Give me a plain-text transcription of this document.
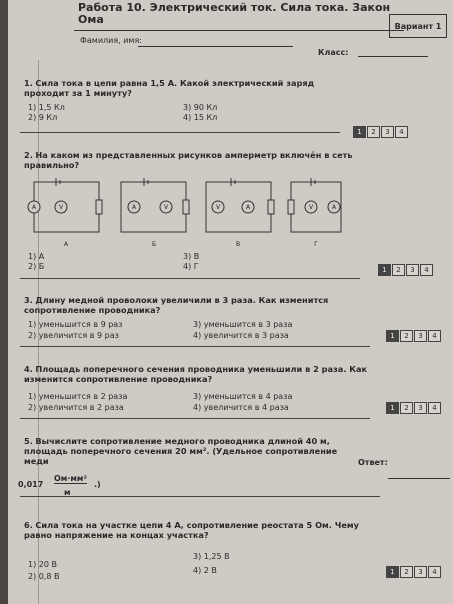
Работа 10. Электрический ток. Сила тока. Закон Ома	Вариант 1
Фамилия, имя:
Класс:
1. Сила тока в цепи равна 1,5 А. Какой электрический заряд проходит за 1 минуту?
1) 1,5 Кл
2) 9 Кл
3) 90 Кл
4) 15 Кл
1	2	3	4
2. На каком из представленных рисунков амперметр включён в сеть правильно?
A	V	A	V	V	A	V	A
А	Б	В	Г
1) А
2) Б
3) В
4) Г	1	2	3	4
3. Длину медной проволоки увеличили в 3 раза. Как изменится сопротивление проводника?
1) уменьшится в 9 раз
2) увеличится в 9 раз
3) уменьшится в 3 раза
4) увеличится в 3 раза	1	2	3	4
4. Площадь поперечного сечения проводника уменьшили в 2 раза. Как изменится сопротивление проводника?
1) уменьшится в 2 раза
2) увеличится в 2 раза
3) уменьшится в 4 раза
4) увеличится в 4 раза	1	2	3	4
5. Вычислите сопротивление медного проводника длиной 40 м, площадь поперечного сечения 20 мм². (Удельное сопротивление меди
0,017
Ом·мм²
м
.)
Ответ:
6. Сила тока на участке цепи 4 А, сопротивление реостата 5 Ом. Чему равно напряжение на концах участка?
1) 20 В
2) 0,8 В
3) 1,25 В
4) 2 В	1	2	3	4
